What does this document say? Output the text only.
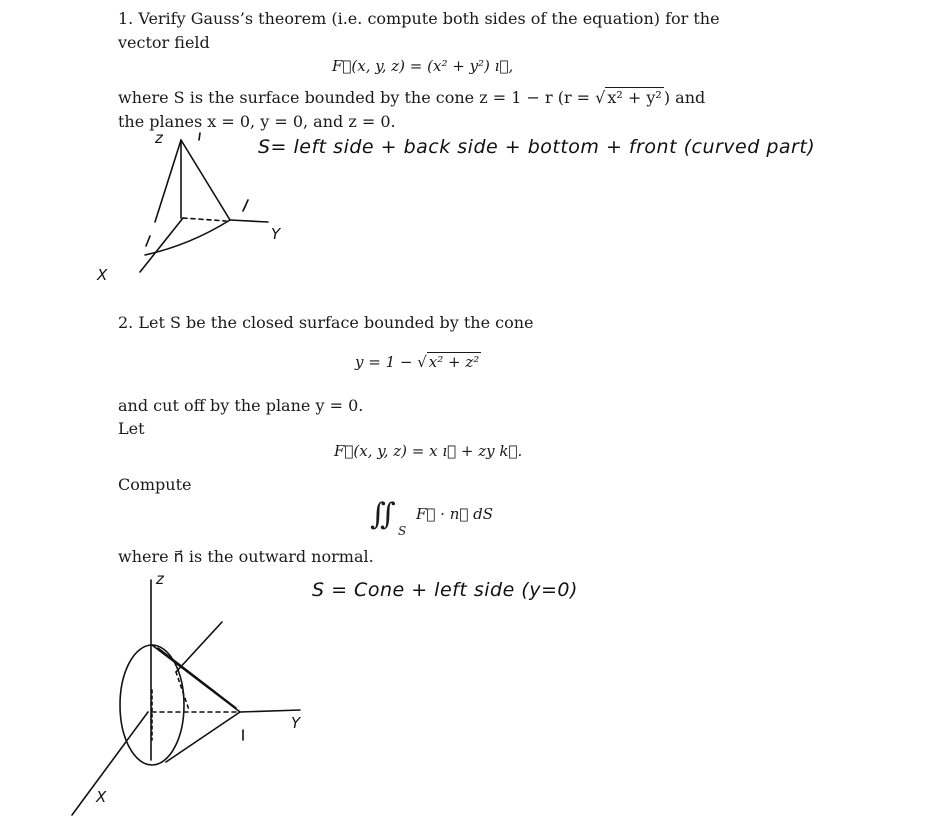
1. Verify Gauss’s theorem (i.e. compute both sides of the equation) for the
vector field
F⃗(x, y, z) = (x² + y²) ı⃗,
where S is the surface bounded by the cone z = 1 − r (r = √ x² + y² ) and
the planes x = 0, y = 0, and z = 0.
S= left side + back side + bottom + front (curved part)
z
Y
X
2. Let S be the closed surface bounded by the cone
y = 1 − √ x² + z²
and cut off by the plane y = 0.
Let
F⃗(x, y, z) = x ı⃗ + zy k⃗.
Compute
∬ S
F⃗ · n⃗ dS
where n⃗ is the outward normal.
S = Cone + left side (y=0)
z
Y
X
